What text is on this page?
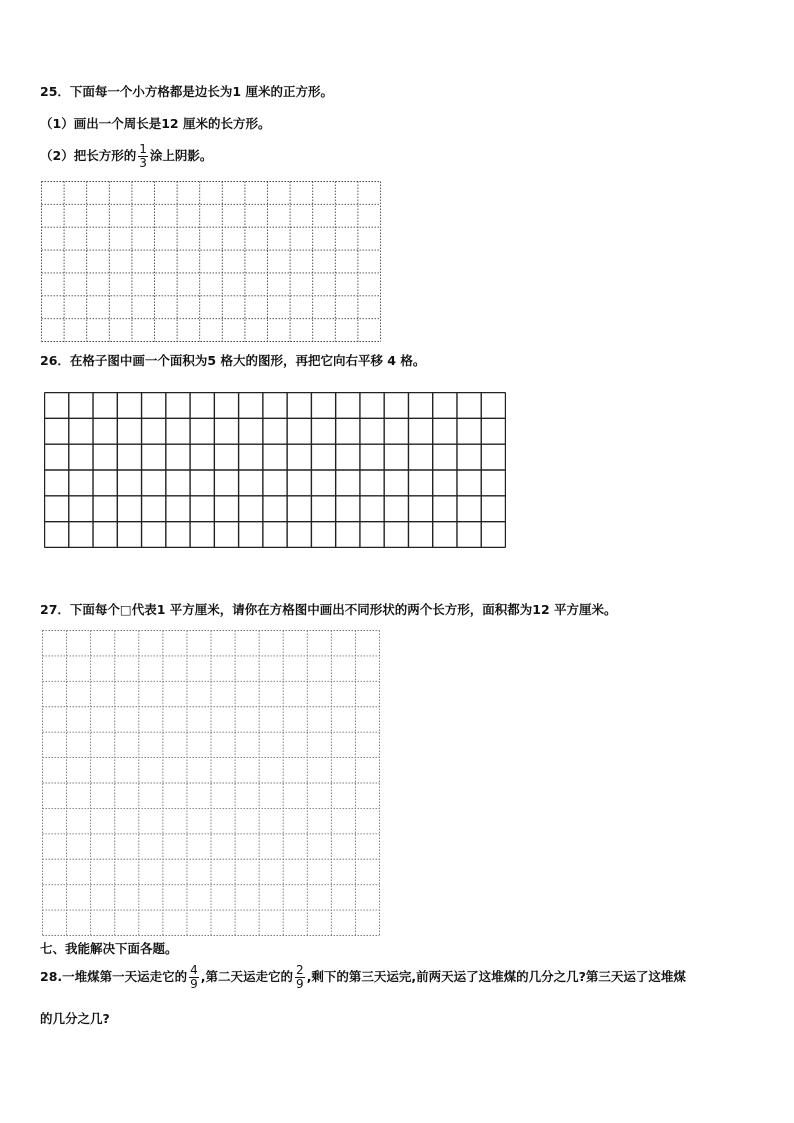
25．下面每一个小方格都是边长为1 厘米的正方形。

（1）画出一个周长是12 厘米的长方形。

（2）把长方形的 $\frac{1}{3}$ 涂上阴影。

26．在格子图中画一个面积为5 格大的图形，再把它向右平移 4 格。

27．下面每个□代表1 平方厘米，请你在方格图中画出不同形状的两个长方形，面积都为12 平方厘米。

七、我能解决下面各题。

28.一堆煤第一天运走它的 $\frac{4}{9}$ ,第二天运走它的 $\frac{2}{9}$ ,剩下的第三天运完,前两天运了这堆煤的几分之几?第三天运了这堆煤

的几分之几?
